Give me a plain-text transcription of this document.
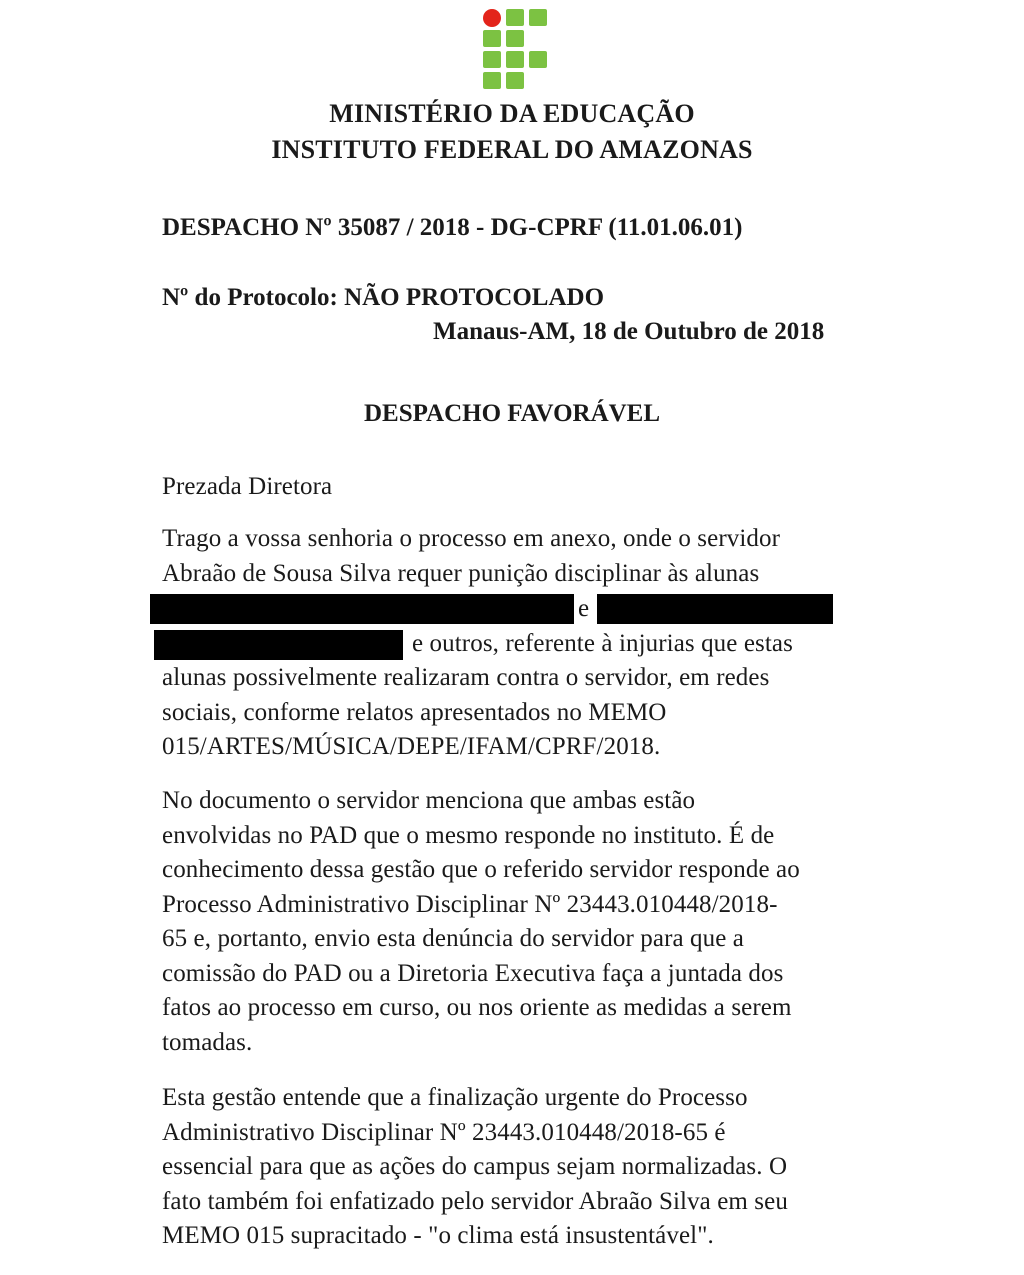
MINISTÉRIO DA EDUCAÇÃO
INSTITUTO FEDERAL DO AMAZONAS
DESPACHO Nº 35087 / 2018 - DG-CPRF (11.01.06.01)
Nº do Protocolo: NÃO PROTOCOLADO
Manaus-AM, 18 de Outubro de 2018
DESPACHO FAVORÁVEL
Prezada Diretora
Trago a vossa senhoria o processo em anexo, onde o servidor
Abraão de Sousa Silva requer punição disciplinar às alunas
e
e outros, referente à injurias que estas
alunas possivelmente realizaram contra o servidor, em redes
sociais, conforme relatos apresentados no MEMO
015/ARTES/MÚSICA/DEPE/IFAM/CPRF/2018.
No documento o servidor menciona que ambas estão
envolvidas no PAD que o mesmo responde no instituto. É de
conhecimento dessa gestão que o referido servidor responde ao
Processo Administrativo Disciplinar Nº 23443.010448/2018-
65 e, portanto, envio esta denúncia do servidor para que a
comissão do PAD ou a Diretoria Executiva faça a juntada dos
fatos ao processo em curso, ou nos oriente as medidas a serem
tomadas.
Esta gestão entende que a finalização urgente do Processo
Administrativo Disciplinar Nº 23443.010448/2018-65 é
essencial para que as ações do campus sejam normalizadas. O
fato também foi enfatizado pelo servidor Abraão Silva em seu
MEMO 015 supracitado - "o clima está insustentável".
